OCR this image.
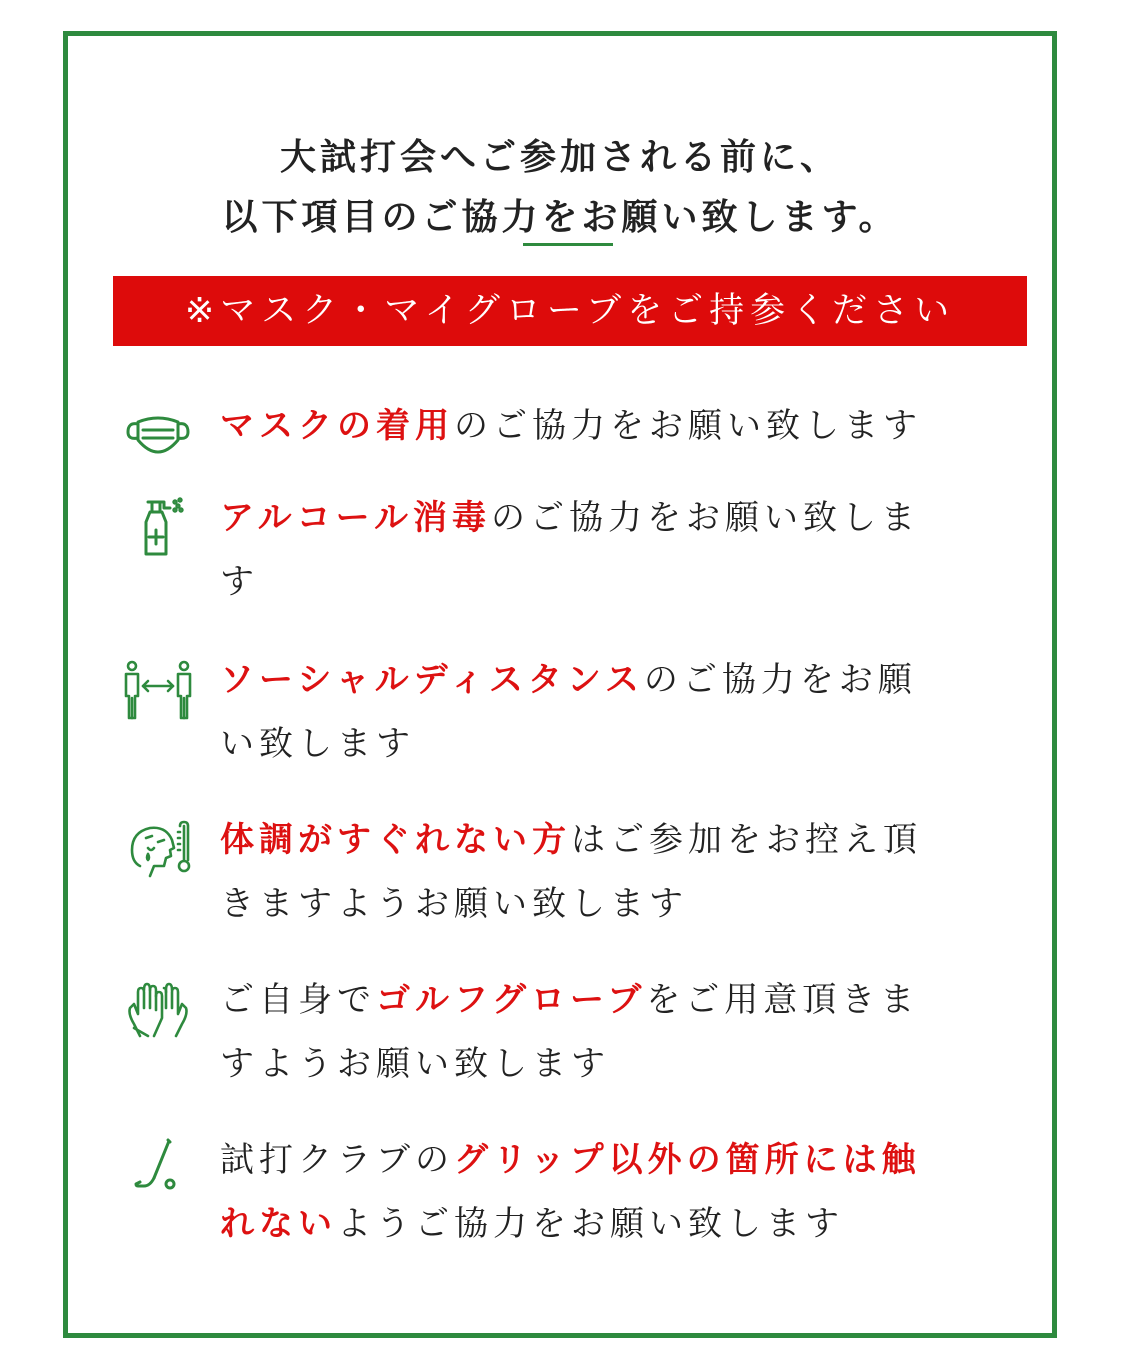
大試打会へご参加される前に、
以下項目のご協力をお願い致します。
※マスク・マイグローブをご持参ください
マスクの着用のご協力をお願い致します
アルコール消毒のご協力をお願い致しま
す
ソーシャルディスタンスのご協力をお願
い致します
体調がすぐれない方はご参加をお控え頂
きますようお願い致します
ご自身でゴルフグローブをご用意頂きま
すようお願い致します
試打クラブのグリップ以外の箇所には触
れないようご協力をお願い致します
